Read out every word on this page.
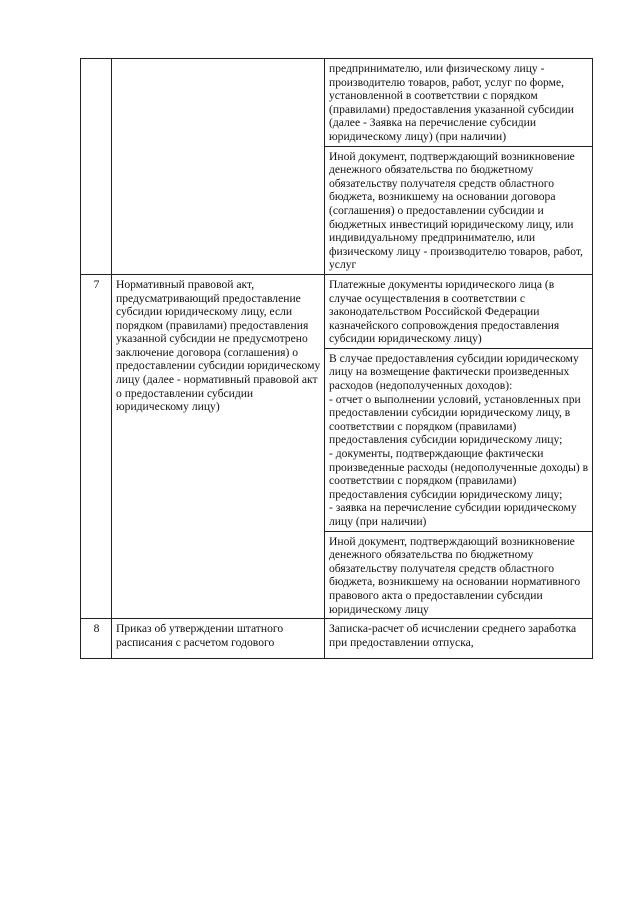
		предпринимателю, или физическому лицу - производителю товаров, работ, услуг по форме, установленной в соответствии с порядком (правилами) предоставления указанной субсидии (далее - Заявка на перечисление субсидии юридическому лицу) (при наличии)
		Иной документ, подтверждающий возникновение денежного обязательства по бюджетному обязательству получателя средств областного бюджета, возникшему на основании договора (соглашения) о предоставлении субсидии и бюджетных инвестиций юридическому лицу, или индивидуальному предпринимателю, или физическому лицу - производителю товаров, работ, услуг
7	Нормативный правовой акт, предусматривающий предоставление субсидии юридическому лицу, если порядком (правилами) предоставления указанной субсидии не предусмотрено заключение договора (соглашения) о предоставлении субсидии юридическому лицу (далее - нормативный правовой акт о предоставлении субсидии юридическому лицу)	Платежные документы юридического лица (в случае осуществления в соответствии с законодательством Российской Федерации казначейского сопровождения предоставления субсидии юридическому лицу)
		В случае предоставления субсидии юридическому лицу на возмещение фактически произведенных расходов (недополученных доходов):
- отчет о выполнении условий, установленных при предоставлении субсидии юридическому лицу, в соответствии с порядком (правилами) предоставления субсидии юридическому лицу;
- документы, подтверждающие фактически произведенные расходы (недополученные доходы) в соответствии с порядком (правилами) предоставления субсидии юридическому лицу;
- заявка на перечисление субсидии юридическому лицу (при наличии)
		Иной документ, подтверждающий возникновение денежного обязательства по бюджетному обязательству получателя средств областного бюджета, возникшему на основании нормативного правового акта о предоставлении субсидии юридическому лицу

8	Приказ об утверждении штатного расписания с расчетом годового	Записка-расчет об исчислении среднего заработка при предоставлении отпуска,
